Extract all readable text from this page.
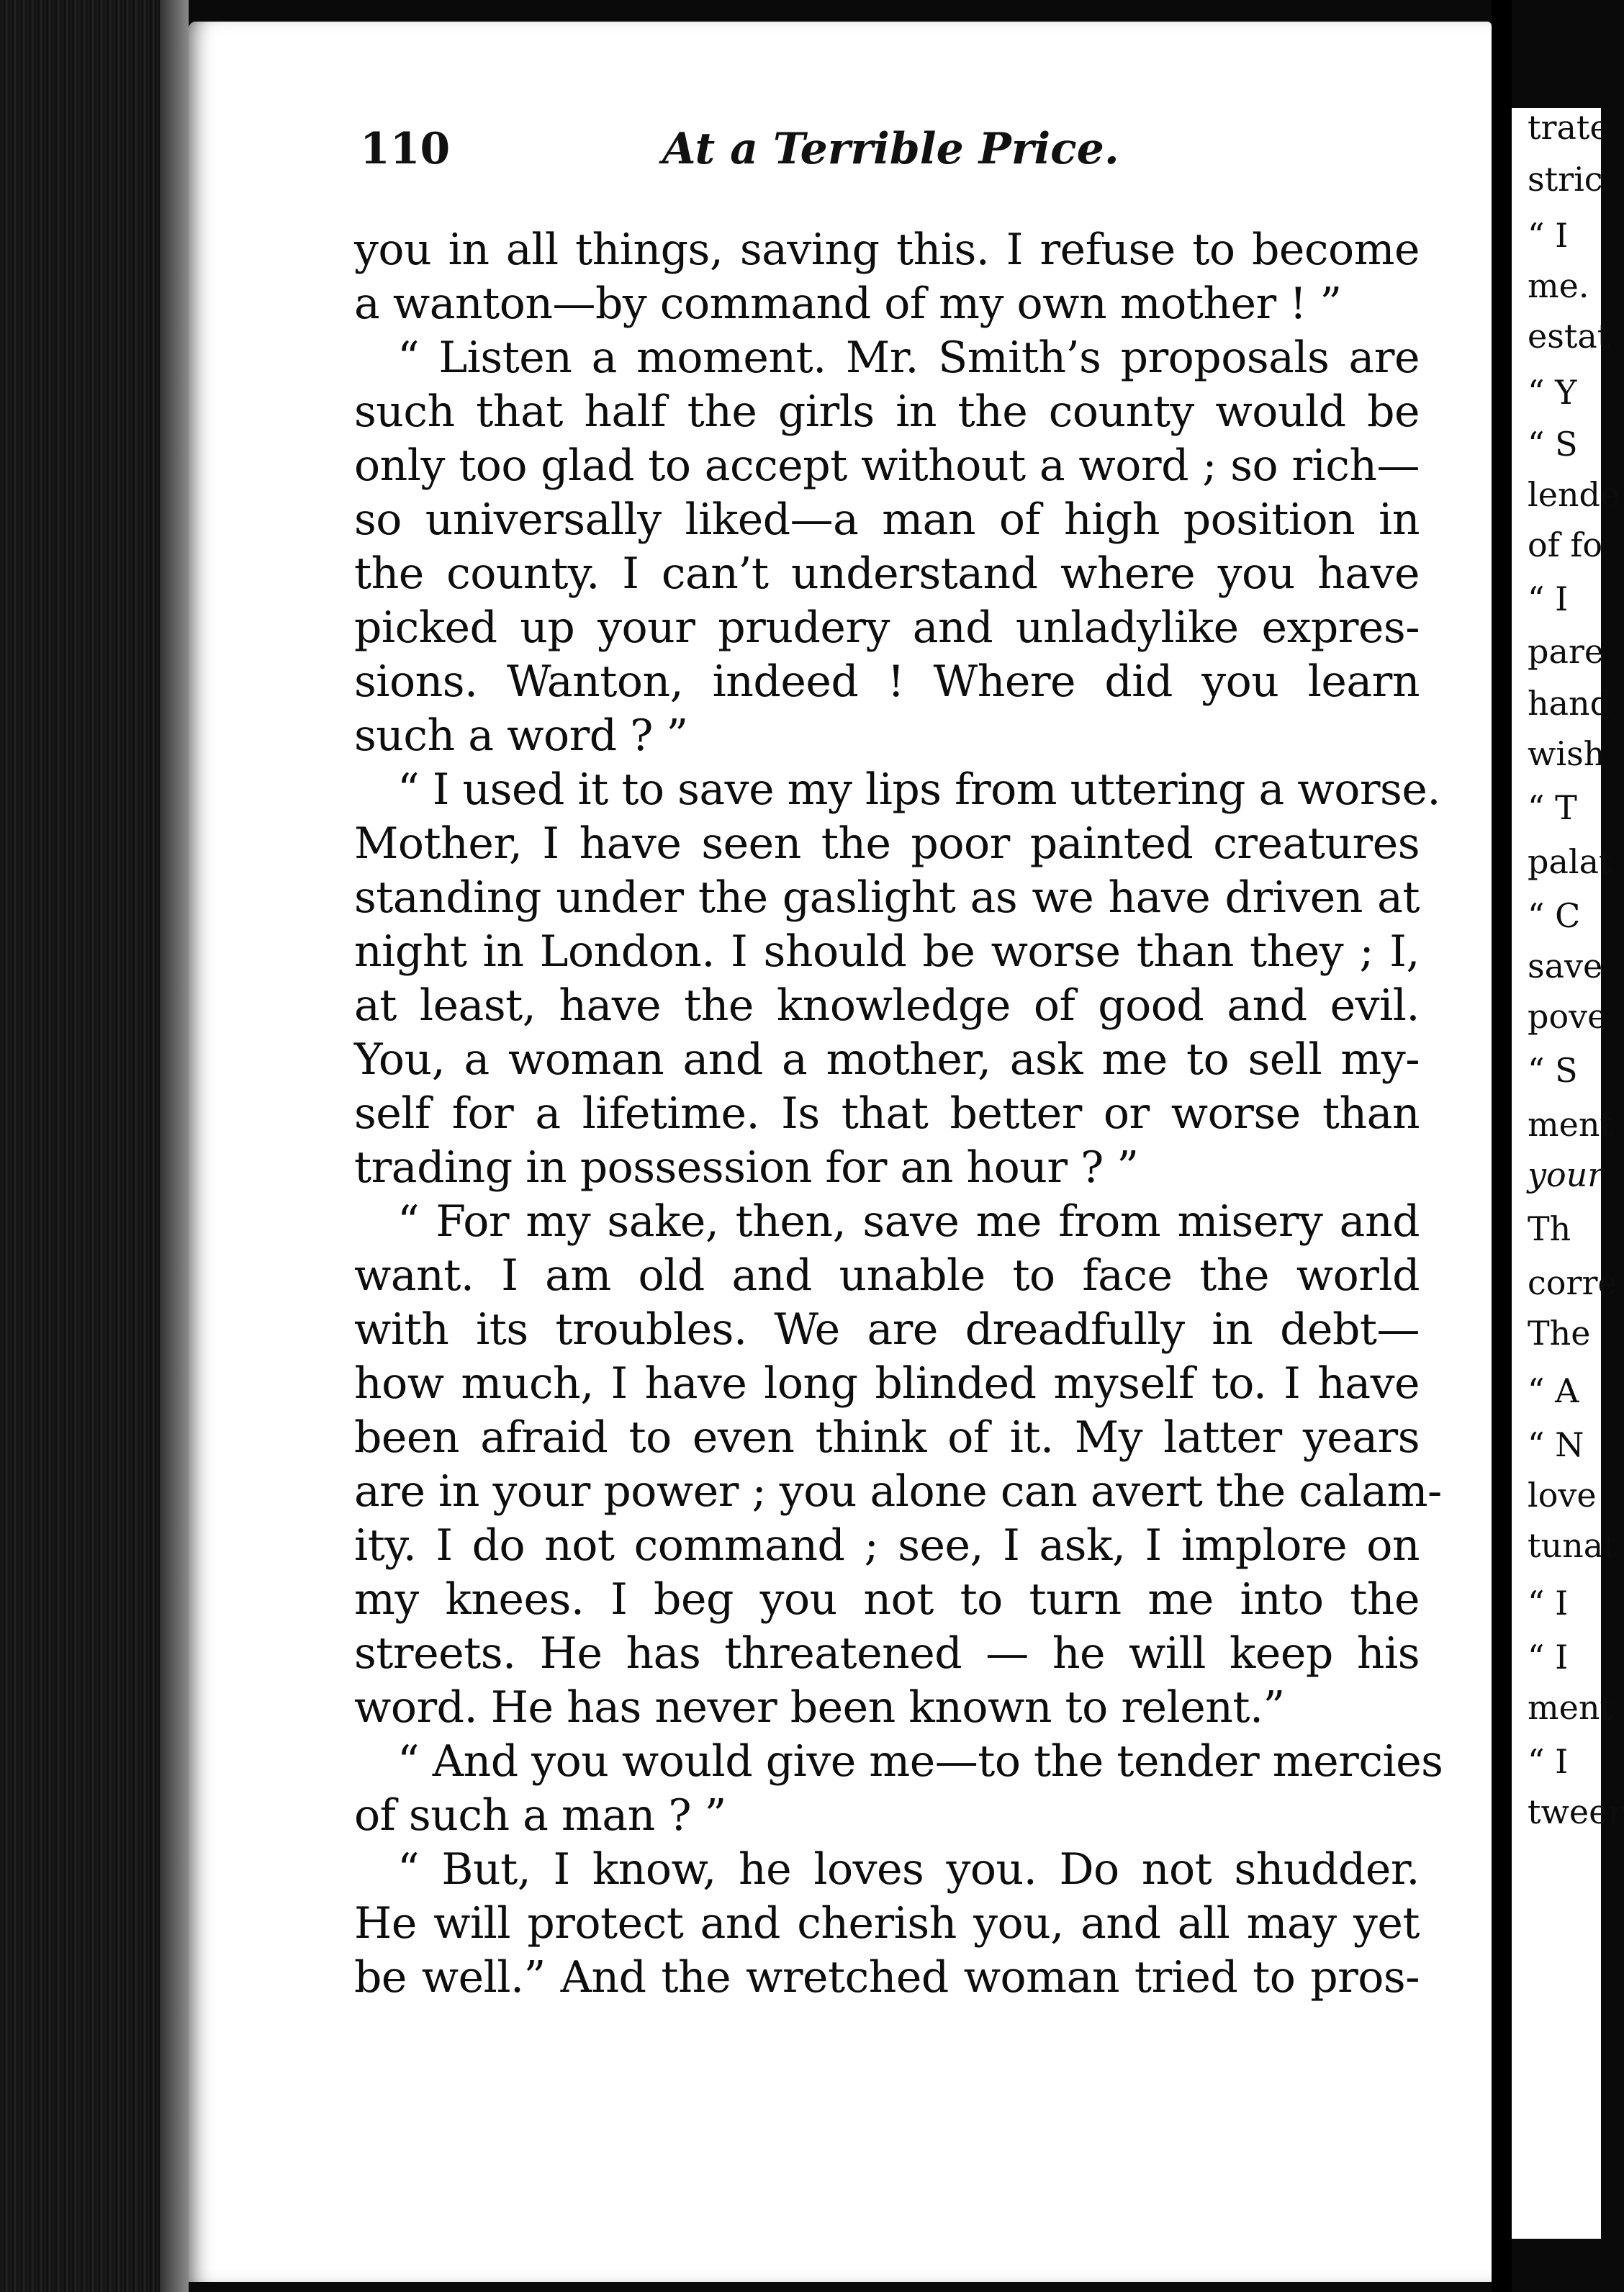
110	At a Terrible Price.
you in all things, saving this. I refuse to become
a wanton—by command of my own mother ! ”
“ Listen a moment. Mr. Smith’s proposals are
such that half the girls in the county would be
only too glad to accept without a word ; so rich—
so universally liked—a man of high position in
the county. I can’t understand where you have
picked up your prudery and unladylike expres-
sions. Wanton, indeed ! Where did you learn
such a word ? ”
“ I used it to save my lips from uttering a worse.
Mother, I have seen the poor painted creatures
standing under the gaslight as we have driven at
night in London. I should be worse than they ; I,
at least, have the knowledge of good and evil.
You, a woman and a mother, ask me to sell my-
self for a lifetime. Is that better or worse than
trading in possession for an hour ? ”
“ For my sake, then, save me from misery and
want. I am old and unable to face the world
with its troubles. We are dreadfully in debt—
how much, I have long blinded myself to. I have
been afraid to even think of it. My latter years
are in your power ; you alone can avert the calam-
ity. I do not command ; see, I ask, I implore on
my knees. I beg you not to turn me into the
streets. He has threatened — he will keep his
word. He has never been known to relent.”
“ And you would give me—to the tender mercies
of such a man ? ”
“ But, I know, he loves you. Do not shudder.
He will protect and cherish you, and all may yet
be well.” And the wretched woman tried to pros-
trate
stric
“ I
me.
estat
“ Y
“ S
lende
of fo
“ I
pare
hand
wish
“ T
palat
“ C
save
pove
“ S
ment
your
Th
corre
The
“ A
“ N
love
tunat
“ I
“ I
ment
“ I
tweer
